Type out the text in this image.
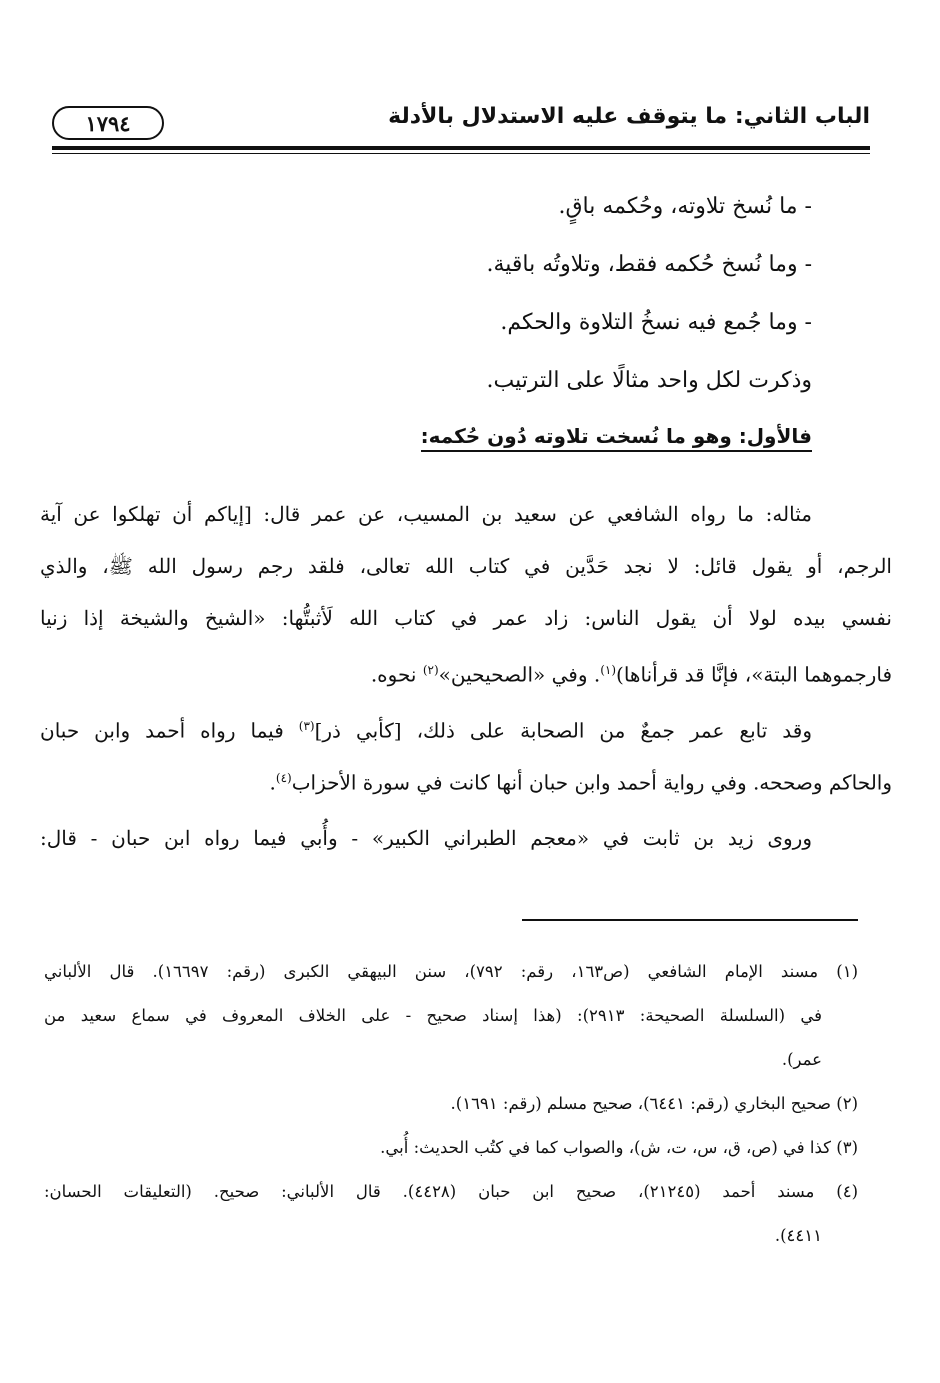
الباب الثاني: ما يتوقف عليه الاستدلال بالأدلة
١٧٩٤
- ما نُسخ تلاوته، وحُكمه باقٍ.
- وما نُسخ حُكمه فقط، وتلاوتُه باقية.
- وما جُمع فيه نسخُ التلاوة والحكم.
وذكرت لكل واحد مثالًا على الترتيب.
فالأول: وهو ما نُسخت تلاوته دُون حُكمه:
مثاله: ما رواه الشافعي عن سعيد بن المسيب، عن عمر قال: [إياكم أن تهلكوا عن آية
الرجم، أو يقول قائل: لا نجد حَدَّين في كتاب الله تعالى، فلقد رجم رسول الله ﷺ، والذي
نفسي بيده لولا أن يقول الناس: زاد عمر في كتاب الله لَأثبتُّها: «الشيخ والشيخة إذا زنيا
فارجموهما البتة»، فإنَّا قد قرأناها)$^{(١)}$. وفي «الصحيحين»$^{(٢)}$ نحوه.
وقد تابع عمر جمعٌ من الصحابة على ذلك، [كأبي ذر]$^{(٣)}$ فيما رواه أحمد وابن حبان
والحاكم وصححه. وفي رواية أحمد وابن حبان أنها كانت في سورة الأحزاب$^{(٤)}$.
وروى زيد بن ثابت في «معجم الطبراني الكبير» - وأُبي فيما رواه ابن حبان - قال:
(١) مسند الإمام الشافعي (ص١٦٣، رقم: ٧٩٢)، سنن البيهقي الكبرى (رقم: ١٦٦٩٧). قال الألباني
في (السلسلة الصحيحة: ٢٩١٣): (هذا إسناد صحيح - على الخلاف المعروف في سماع سعيد من
عمر).
(٢) صحيح البخاري (رقم: ٦٤٤١)، صحيح مسلم (رقم: ١٦٩١).
(٣) كذا في (ص، ق، س، ت، ش)، والصواب كما في كتُب الحديث: أُبي.
(٤) مسند أحمد (٢١٢٤٥)، صحيح ابن حبان (٤٤٢٨). قال الألباني: صحيح. (التعليقات الحسان:
٤٤١١).
